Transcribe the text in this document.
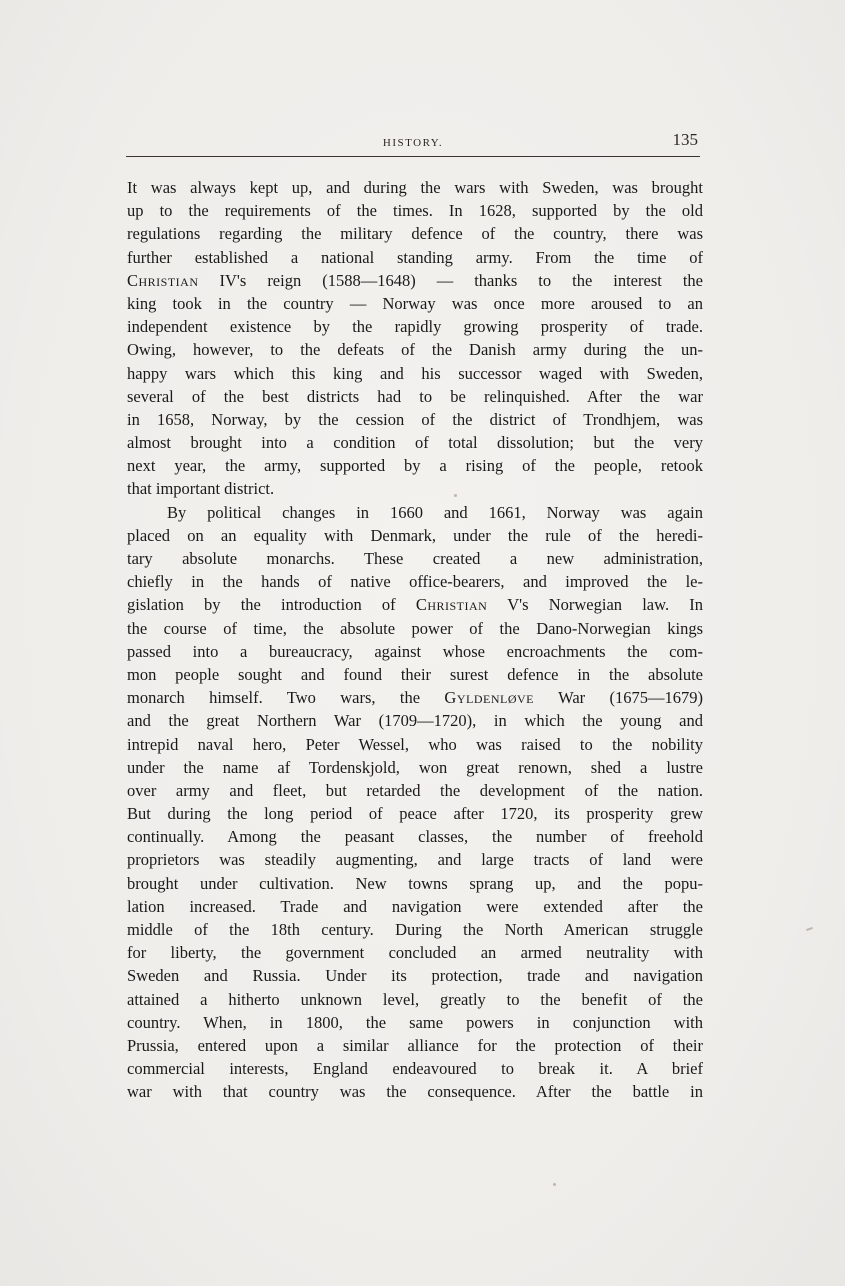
HISTORY.	135
It was always kept up, and during the wars with Sweden, was brought
up to the requirements of the times. In 1628, supported by the old
regulations regarding the military defence of the country, there was
further established a national standing army. From the time of
Christian IV's reign (1588—1648) — thanks to the interest the
king took in the country — Norway was once more aroused to an
independent existence by the rapidly growing prosperity of trade.
Owing, however, to the defeats of the Danish army during the un-
happy wars which this king and his successor waged with Sweden,
several of the best districts had to be relinquished. After the war
in 1658, Norway, by the cession of the district of Trondhjem, was
almost brought into a condition of total dissolution; but the very
next year, the army, supported by a rising of the people, retook
that important district.
By political changes in 1660 and 1661, Norway was again
placed on an equality with Denmark, under the rule of the heredi-
tary absolute monarchs. These created a new administration,
chiefly in the hands of native office-bearers, and improved the le-
gislation by the introduction of Christian V's Norwegian law. In
the course of time, the absolute power of the Dano-Norwegian kings
passed into a bureaucracy, against whose encroachments the com-
mon people sought and found their surest defence in the absolute
monarch himself. Two wars, the Gyldenløve War (1675—1679)
and the great Northern War (1709—1720), in which the young and
intrepid naval hero, Peter Wessel, who was raised to the nobility
under the name af Tordenskjold, won great renown, shed a lustre
over army and fleet, but retarded the development of the nation.
But during the long period of peace after 1720, its prosperity grew
continually. Among the peasant classes, the number of freehold
proprietors was steadily augmenting, and large tracts of land were
brought under cultivation. New towns sprang up, and the popu-
lation increased. Trade and navigation were extended after the
middle of the 18th century. During the North American struggle
for liberty, the government concluded an armed neutrality with
Sweden and Russia. Under its protection, trade and navigation
attained a hitherto unknown level, greatly to the benefit of the
country. When, in 1800, the same powers in conjunction with
Prussia, entered upon a similar alliance for the protection of their
commercial interests, England endeavoured to break it. A brief
war with that country was the consequence. After the battle in
